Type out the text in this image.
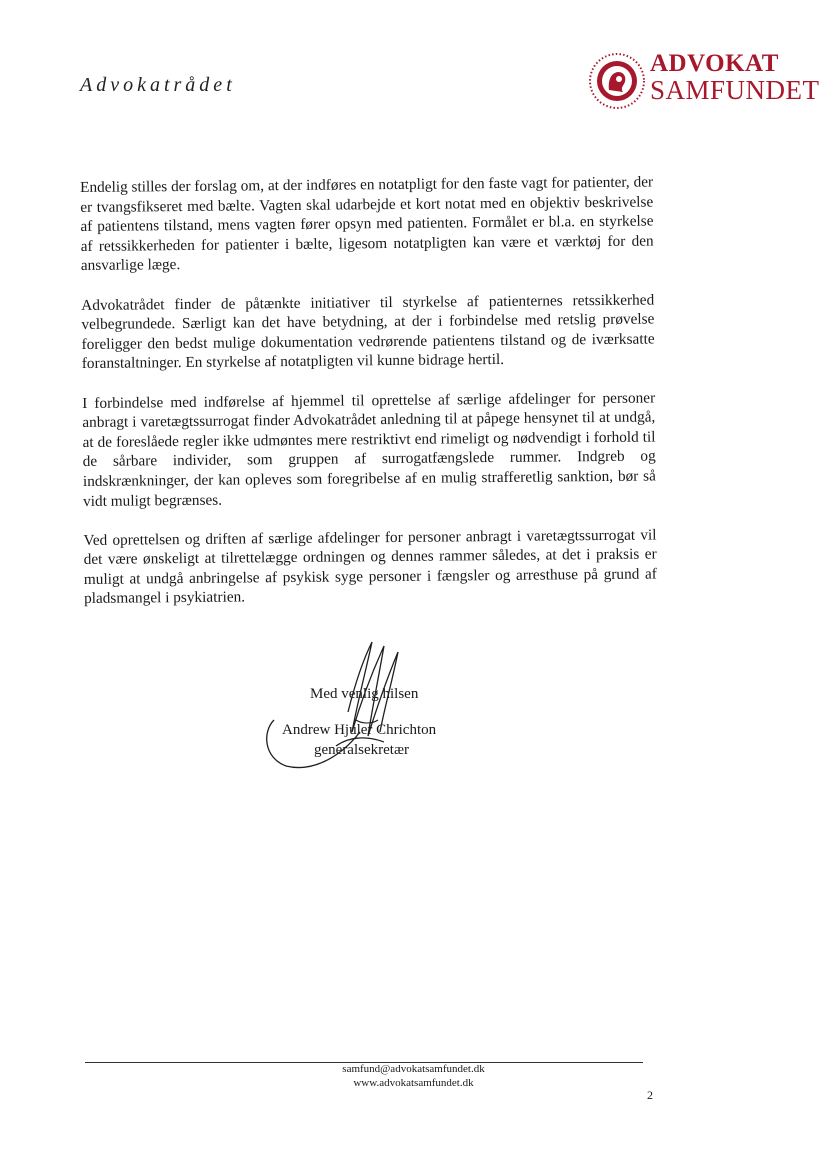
Advokatrådet
ADVOKAT
SAMFUNDET

Endelig stilles der forslag om, at der indføres en notatpligt for den faste vagt for patienter, der er tvangsfikseret med bælte. Vagten skal udarbejde et kort notat med en objektiv beskrivelse af patientens tilstand, mens vagten fører opsyn med patienten. Formålet er bl.a. en styrkelse af retssikkerheden for patienter i bælte, ligesom notatpligten kan være et værktøj for den ansvarlige læge.

Advokatrådet finder de påtænkte initiativer til styrkelse af patienternes retssikkerhed velbegrundede. Særligt kan det have betydning, at der i forbindelse med retslig prøvelse foreligger den bedst mulige dokumentation vedrørende patientens tilstand og de iværksatte foranstaltninger. En styrkelse af notatpligten vil kunne bidrage hertil.

I forbindelse med indførelse af hjemmel til oprettelse af særlige afdelinger for personer anbragt i varetægtssurrogat finder Advokatrådet anledning til at påpege hensynet til at undgå, at de foreslåede regler ikke udmøntes mere restriktivt end rimeligt og nødvendigt i forhold til de sårbare individer, som gruppen af surrogatfængslede rummer. Indgreb og indskrænkninger, der kan opleves som foregribelse af en mulig strafferetlig sanktion, bør så vidt muligt begrænses.

Ved oprettelsen og driften af særlige afdelinger for personer anbragt i varetægtssurrogat vil det være ønskeligt at tilrettelægge ordningen og dennes rammer således, at det i praksis er muligt at undgå anbringelse af psykisk syge personer i fængsler og arresthuse på grund af pladsmangel i psykiatrien.

Med venlig hilsen
Andrew Hjuler Chrichton
generalsekretær
samfund@advokatsamfundet.dk
www.advokatsamfundet.dk
2
